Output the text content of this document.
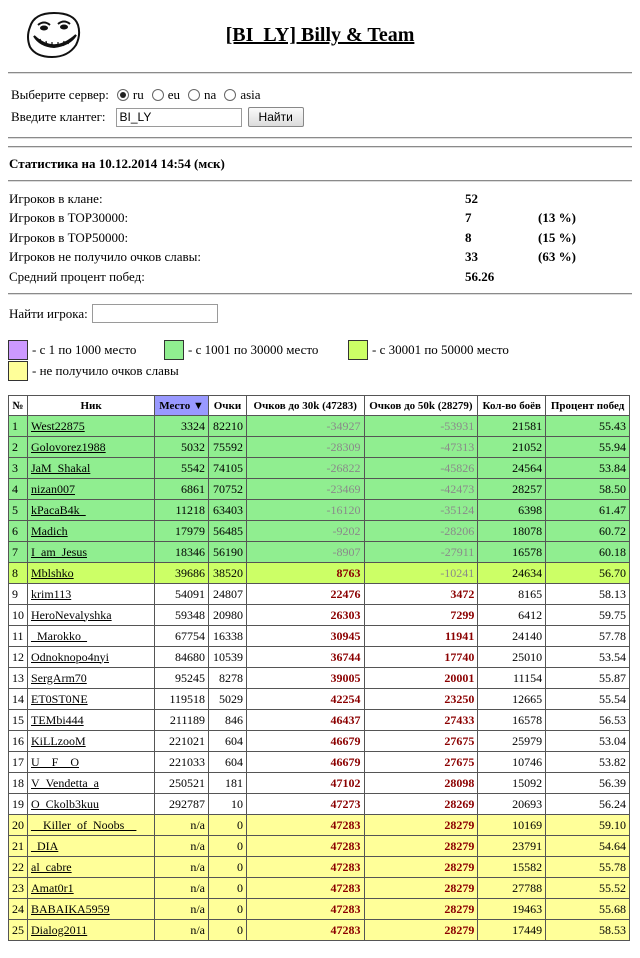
[BI_LY] Billy & Team
Выберите сервер: ru eu na asia
Введите клантег:
BI_LY	Найти
Статистика на 10.12.2014 14:54 (мск)
Игроков в клане:	52
Игроков в TOP30000:	7	(13 %)
Игроков в TOP50000:	8	(15 %)
Игроков не получило очков славы:	33	(63 %)
Средний процент побед:	56.26
Найти игрока:
- с 1 по 1000 место	- с 1001 по 30000 место	- с 30001 по 50000 место
- не получило очков славы
№	Ник	Место ▼	Очки	Очков до 30k (47283)	Очков до 50k (28279)	Кол-во боёв	Процент побед
1	West22875	3324	82210	-34927	-53931	21581	55.43
2	Golovorez1988	5032	75592	-28309	-47313	21052	55.94
3	JaM_Shakal	5542	74105	-26822	-45826	24564	53.84
4	nizan007	6861	70752	-23469	-42473	28257	58.50
5	kPacaB4k_	11218	63403	-16120	-35124	6398	61.47
6	Madich	17979	56485	-9202	-28206	18078	60.72
7	I_am_Jesus	18346	56190	-8907	-27911	16578	60.18
8	Mblshko	39686	38520	8763	-10241	24634	56.70
9	krim113	54091	24807	22476	3472	8165	58.13
10	HeroNevalyshka	59348	20980	26303	7299	6412	59.75
11	_Marokko_	67754	16338	30945	11941	24140	57.78
12	Odnoknopo4nyi	84680	10539	36744	17740	25010	53.54
13	SergArm70	95245	8278	39005	20001	11154	55.87
14	ET0ST0NE	119518	5029	42254	23250	12665	55.54
15	TEMbi444	211189	846	46437	27433	16578	56.53
16	KiLLzooM	221021	604	46679	27675	25979	53.04
17	U__F__O	221033	604	46679	27675	10746	53.82
18	V_Vendetta_a	250521	181	47102	28098	15092	56.39
19	O_Ckolb3kuu	292787	10	47273	28269	20693	56.24
20	__Killer_of_Noobs__	n/a	0	47283	28279	10169	59.10
21	_DIA	n/a	0	47283	28279	23791	54.64
22	al_cabre	n/a	0	47283	28279	15582	55.78
23	Amat0r1	n/a	0	47283	28279	27788	55.52
24	BABAIKA5959	n/a	0	47283	28279	19463	55.68
25	Dialog2011	n/a	0	47283	28279	17449	58.53
